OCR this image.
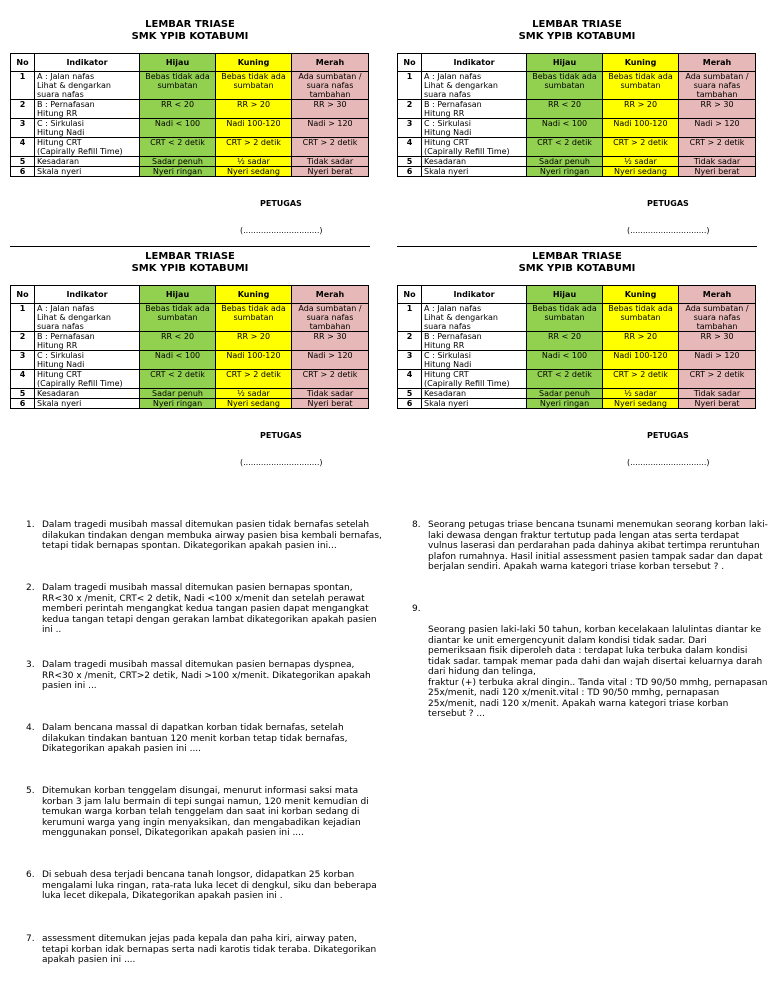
LEMBAR TRIASE
SMK YPIB KOTABUMI
No	Indikator	Hijau	Kuning	Merah
1	A : Jalan nafas
Lihat & dengarkan
suara nafas	Bebas tidak ada sumbatan	Bebas tidak ada sumbatan	Ada sumbatan / suara nafas tambahan
2	B : Pernafasan
Hitung RR	RR < 20	RR > 20	RR > 30
3	C : Sirkulasi
Hitung Nadi	Nadi < 100	Nadi 100-120	Nadi > 120
4	Hitung CRT
(Capirally Refill Time)	CRT < 2 detik	CRT > 2 detik	CRT > 2 detik
5	Kesadaran	Sadar penuh	½ sadar	Tidak sadar
6	Skala nyeri	Nyeri ringan	Nyeri sedang	Nyeri berat
PETUGAS
(..............................)
LEMBAR TRIASE
SMK YPIB KOTABUMI
No	Indikator	Hijau	Kuning	Merah
1	A : Jalan nafas
Lihat & dengarkan
suara nafas	Bebas tidak ada sumbatan	Bebas tidak ada sumbatan	Ada sumbatan / suara nafas tambahan
2	B : Pernafasan
Hitung RR	RR < 20	RR > 20	RR > 30
3	C : Sirkulasi
Hitung Nadi	Nadi < 100	Nadi 100-120	Nadi > 120
4	Hitung CRT
(Capirally Refill Time)	CRT < 2 detik	CRT > 2 detik	CRT > 2 detik
5	Kesadaran	Sadar penuh	½ sadar	Tidak sadar
6	Skala nyeri	Nyeri ringan	Nyeri sedang	Nyeri berat
PETUGAS
(..............................)
LEMBAR TRIASE
SMK YPIB KOTABUMI
No	Indikator	Hijau	Kuning	Merah
1	A : Jalan nafas
Lihat & dengarkan
suara nafas	Bebas tidak ada sumbatan	Bebas tidak ada sumbatan	Ada sumbatan / suara nafas tambahan
2	B : Pernafasan
Hitung RR	RR < 20	RR > 20	RR > 30
3	C : Sirkulasi
Hitung Nadi	Nadi < 100	Nadi 100-120	Nadi > 120
4	Hitung CRT
(Capirally Refill Time)	CRT < 2 detik	CRT > 2 detik	CRT > 2 detik
5	Kesadaran	Sadar penuh	½ sadar	Tidak sadar
6	Skala nyeri	Nyeri ringan	Nyeri sedang	Nyeri berat
PETUGAS
(..............................)
LEMBAR TRIASE
SMK YPIB KOTABUMI
No	Indikator	Hijau	Kuning	Merah
1	A : Jalan nafas
Lihat & dengarkan
suara nafas	Bebas tidak ada sumbatan	Bebas tidak ada sumbatan	Ada sumbatan / suara nafas tambahan
2	B : Pernafasan
Hitung RR	RR < 20	RR > 20	RR > 30
3	C : Sirkulasi
Hitung Nadi	Nadi < 100	Nadi 100-120	Nadi > 120
4	Hitung CRT
(Capirally Refill Time)	CRT < 2 detik	CRT > 2 detik	CRT > 2 detik
5	Kesadaran	Sadar penuh	½ sadar	Tidak sadar
6	Skala nyeri	Nyeri ringan	Nyeri sedang	Nyeri berat
PETUGAS
(..............................)
1. Dalam tragedi musibah massal ditemukan pasien tidak bernafas setelah dilakukan tindakan dengan membuka airway pasien bisa kembali bernafas, tetapi tidak bernapas spontan. Dikategorikan apakah pasien ini...
2. Dalam tragedi musibah massal ditemukan pasien bernapas spontan, RR<30 x /menit, CRT< 2 detik, Nadi <100 x/menit dan setelah perawat memberi perintah mengangkat kedua tangan pasien dapat mengangkat kedua tangan tetapi dengan gerakan lambat dikategorikan apakah pasien ini ..
3. Dalam tragedi musibah massal ditemukan pasien bernapas dyspnea, RR<30 x /menit, CRT>2 detik, Nadi >100 x/menit. Dikategorikan apakah pasien ini ...
4. Dalam bencana massal di dapatkan korban tidak bernafas, setelah dilakukan tindakan bantuan 120 menit korban tetap tidak bernafas, Dikategorikan apakah pasien ini ....
5. Ditemukan korban tenggelam disungai, menurut informasi saksi mata korban 3 jam lalu bermain di tepi sungai namun, 120 menit kemudian di temukan warga korban telah tenggelam dan saat ini korban sedang di kerumuni warga yang ingin menyaksikan, dan mengabadikan kejadian menggunakan ponsel, Dikategorikan apakah pasien ini ....
6. Di sebuah desa terjadi bencana tanah longsor, didapatkan 25 korban mengalami luka ringan, rata-rata luka lecet di dengkul, siku dan beberapa luka lecet dikepala, Dikategorikan apakah pasien ini .
7. assessment ditemukan jejas pada kepala dan paha kiri, airway paten, tetapi korban idak bernapas serta nadi karotis tidak teraba. Dikategorikan apakah pasien ini ....
8. Seorang petugas triase bencana tsunami menemukan seorang korban laki-laki dewasa dengan fraktur tertutup pada lengan atas serta terdapat vulnus laserasi dan perdarahan pada dahinya akibat tertimpa reruntuhan plafon rumahnya. Hasil initial assessment pasien tampak sadar dan dapat berjalan sendiri. Apakah warna kategori triase korban tersebut ? .

9.

Seorang pasien laki-laki 50 tahun, korban kecelakaan lalulintas diantar ke diantar ke unit emergencyunit dalam kondisi tidak sadar. Dari pemeriksaan fisik diperoleh data : terdapat luka terbuka dalam kondisi tidak sadar. tampak memar pada dahi dan wajah disertai keluarnya darah dari hidung dan telinga,
fraktur (+) terbuka akral dingin.. Tanda vital : TD 90/50 mmhg, pernapasan 25x/menit, nadi 120 x/menit.vital : TD 90/50 mmhg, pernapasan 25x/menit, nadi 120 x/menit. Apakah warna kategori triase korban tersebut ? ...
